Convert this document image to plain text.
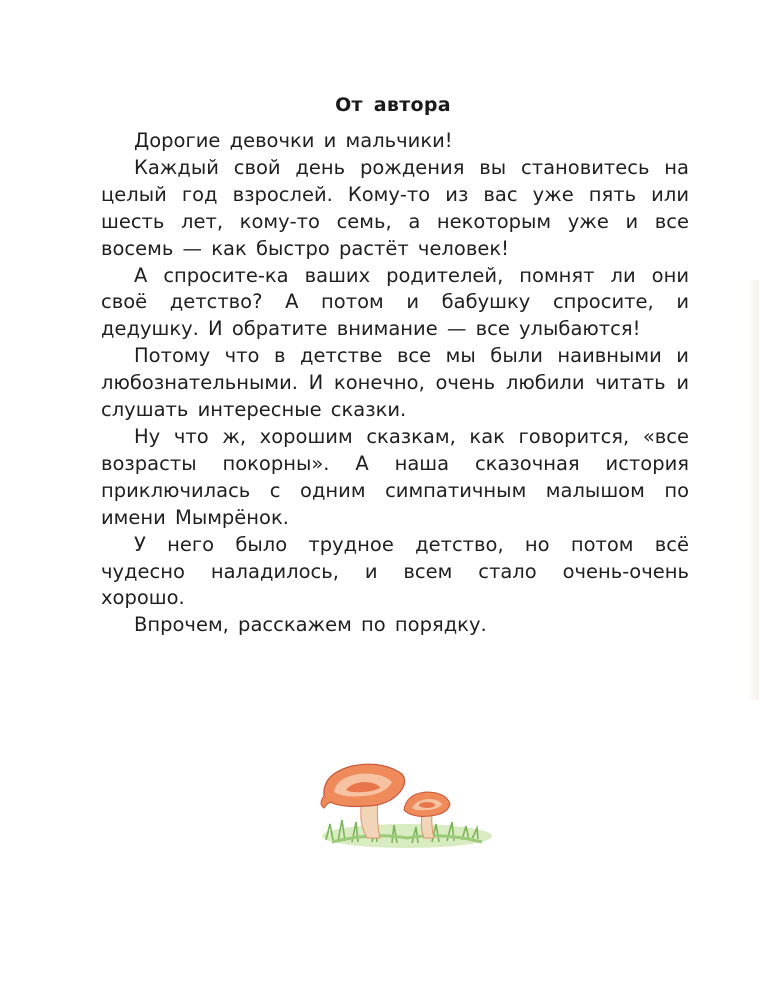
От автора

Дорогие девочки и мальчики!

Каждый свой день рождения вы становитесь на целый год взрослей. Кому-то из вас уже пять или шесть лет, кому-то семь, а некоторым уже и все восемь — как быстро растёт человек!

А спросите-ка ваших родителей, помнят ли они своё детство? А потом и бабушку спросите, и дедушку. И обратите внимание — все улыбаются!

Потому что в детстве все мы были наивными и любознательными. И конечно, очень любили читать и слушать интересные сказки.

Ну что ж, хорошим сказкам, как говорится, «все возрасты покорны». А наша сказочная история приключилась с одним симпатичным малышом по имени Мымрёнок.

У него было трудное детство, но потом всё чудесно наладилось, и всем стало очень-очень хорошо.

Впрочем, расскажем по порядку.
